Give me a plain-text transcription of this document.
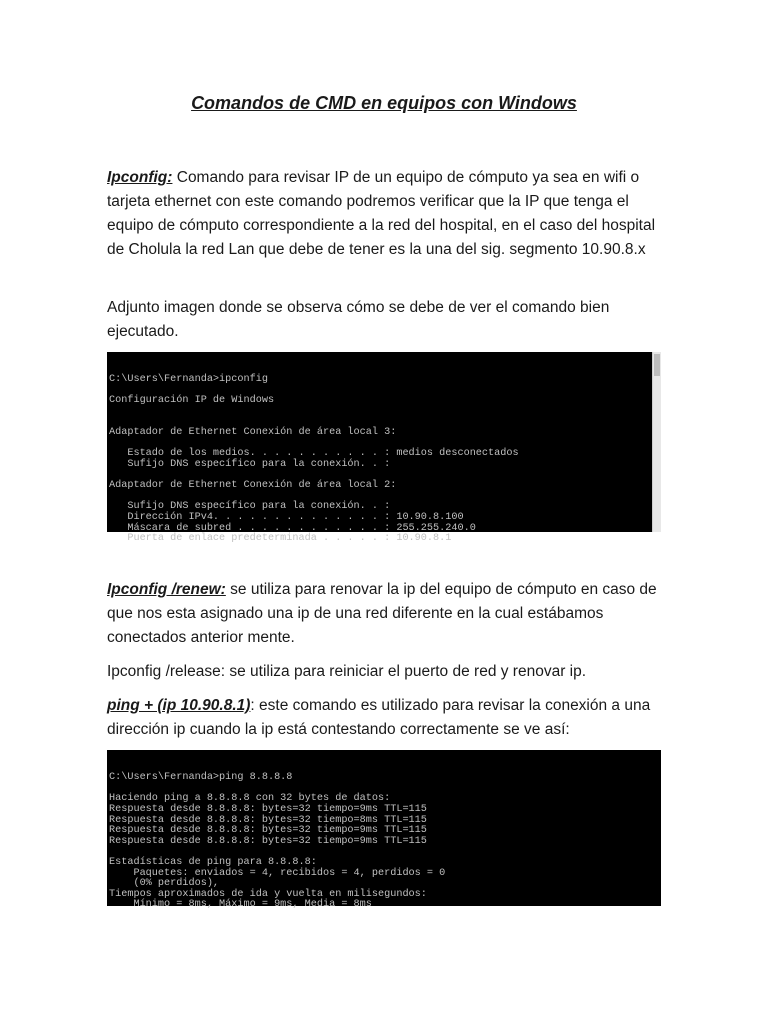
Comandos de CMD en equipos con Windows
Ipconfig: Comando para revisar IP de un equipo de cómputo ya sea en wifi o tarjeta ethernet con este comando podremos verificar que la IP que tenga el equipo de cómputo correspondiente a la red del hospital, en el caso del hospital de Cholula la red Lan que debe de tener es la una del sig. segmento 10.90.8.x
Adjunto imagen donde se observa cómo se debe de ver el comando bien ejecutado.

C:\Users\Fernanda>ipconfig

Configuración IP de Windows

Adaptador de Ethernet Conexión de área local 3:

Estado de los medios. . . . . . . . . . . : medios desconectados
Sufijo DNS específico para la conexión. . :

Adaptador de Ethernet Conexión de área local 2:

Sufijo DNS específico para la conexión. . :
Dirección IPv4. . . . . . . . . . . . . . : 10.90.8.100
Máscara de subred . . . . . . . . . . . . : 255.255.240.0
Puerta de enlace predeterminada . . . . . : 10.90.8.1

Ipconfig /renew: se utiliza para renovar la ip del equipo de cómputo en caso de que nos esta asignado una ip de una red diferente en la cual estábamos conectados anterior mente.
Ipconfig /release: se utiliza para reiniciar el puerto de red y renovar ip.
ping + (ip 10.90.8.1): este comando es utilizado para revisar la conexión a una dirección ip cuando la ip está contestando correctamente se ve así:

C:\Users\Fernanda>ping 8.8.8.8

Haciendo ping a 8.8.8.8 con 32 bytes de datos:
Respuesta desde 8.8.8.8: bytes=32 tiempo=9ms TTL=115
Respuesta desde 8.8.8.8: bytes=32 tiempo=8ms TTL=115
Respuesta desde 8.8.8.8: bytes=32 tiempo=9ms TTL=115
Respuesta desde 8.8.8.8: bytes=32 tiempo=9ms TTL=115

Estadísticas de ping para 8.8.8.8:
Paquetes: enviados = 4, recibidos = 4, perdidos = 0
(0% perdidos),
Tiempos aproximados de ida y vuelta en milisegundos:
Mínimo = 8ms, Máximo = 9ms, Media = 8ms
